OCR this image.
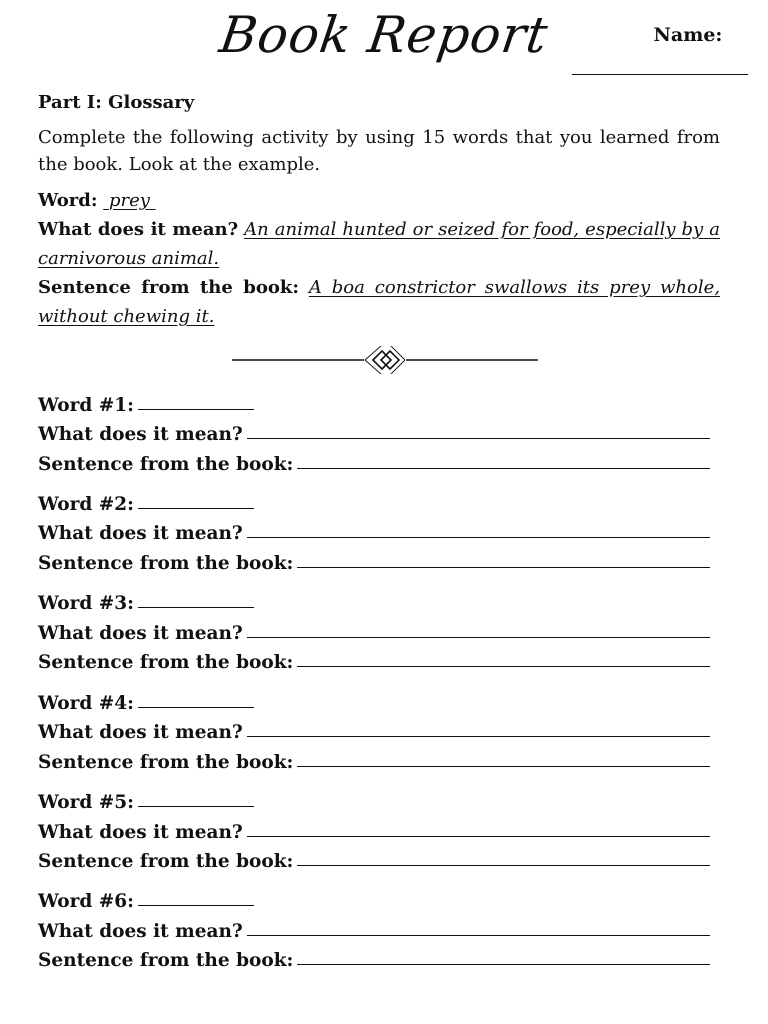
Book Report	Name:
Part I: Glossary
Complete the following activity by using 15 words that you learned from the book. Look at the example.
Word: prey
What does it mean? An animal hunted or seized for food, especially by a carnivorous animal.
Sentence from the book: A boa constrictor swallows its prey whole, without chewing it.
Word #1:
What does it mean?
Sentence from the book:
Word #2:
What does it mean?
Sentence from the book:
Word #3:
What does it mean?
Sentence from the book:
Word #4:
What does it mean?
Sentence from the book:
Word #5:
What does it mean?
Sentence from the book:
Word #6:
What does it mean?
Sentence from the book:
